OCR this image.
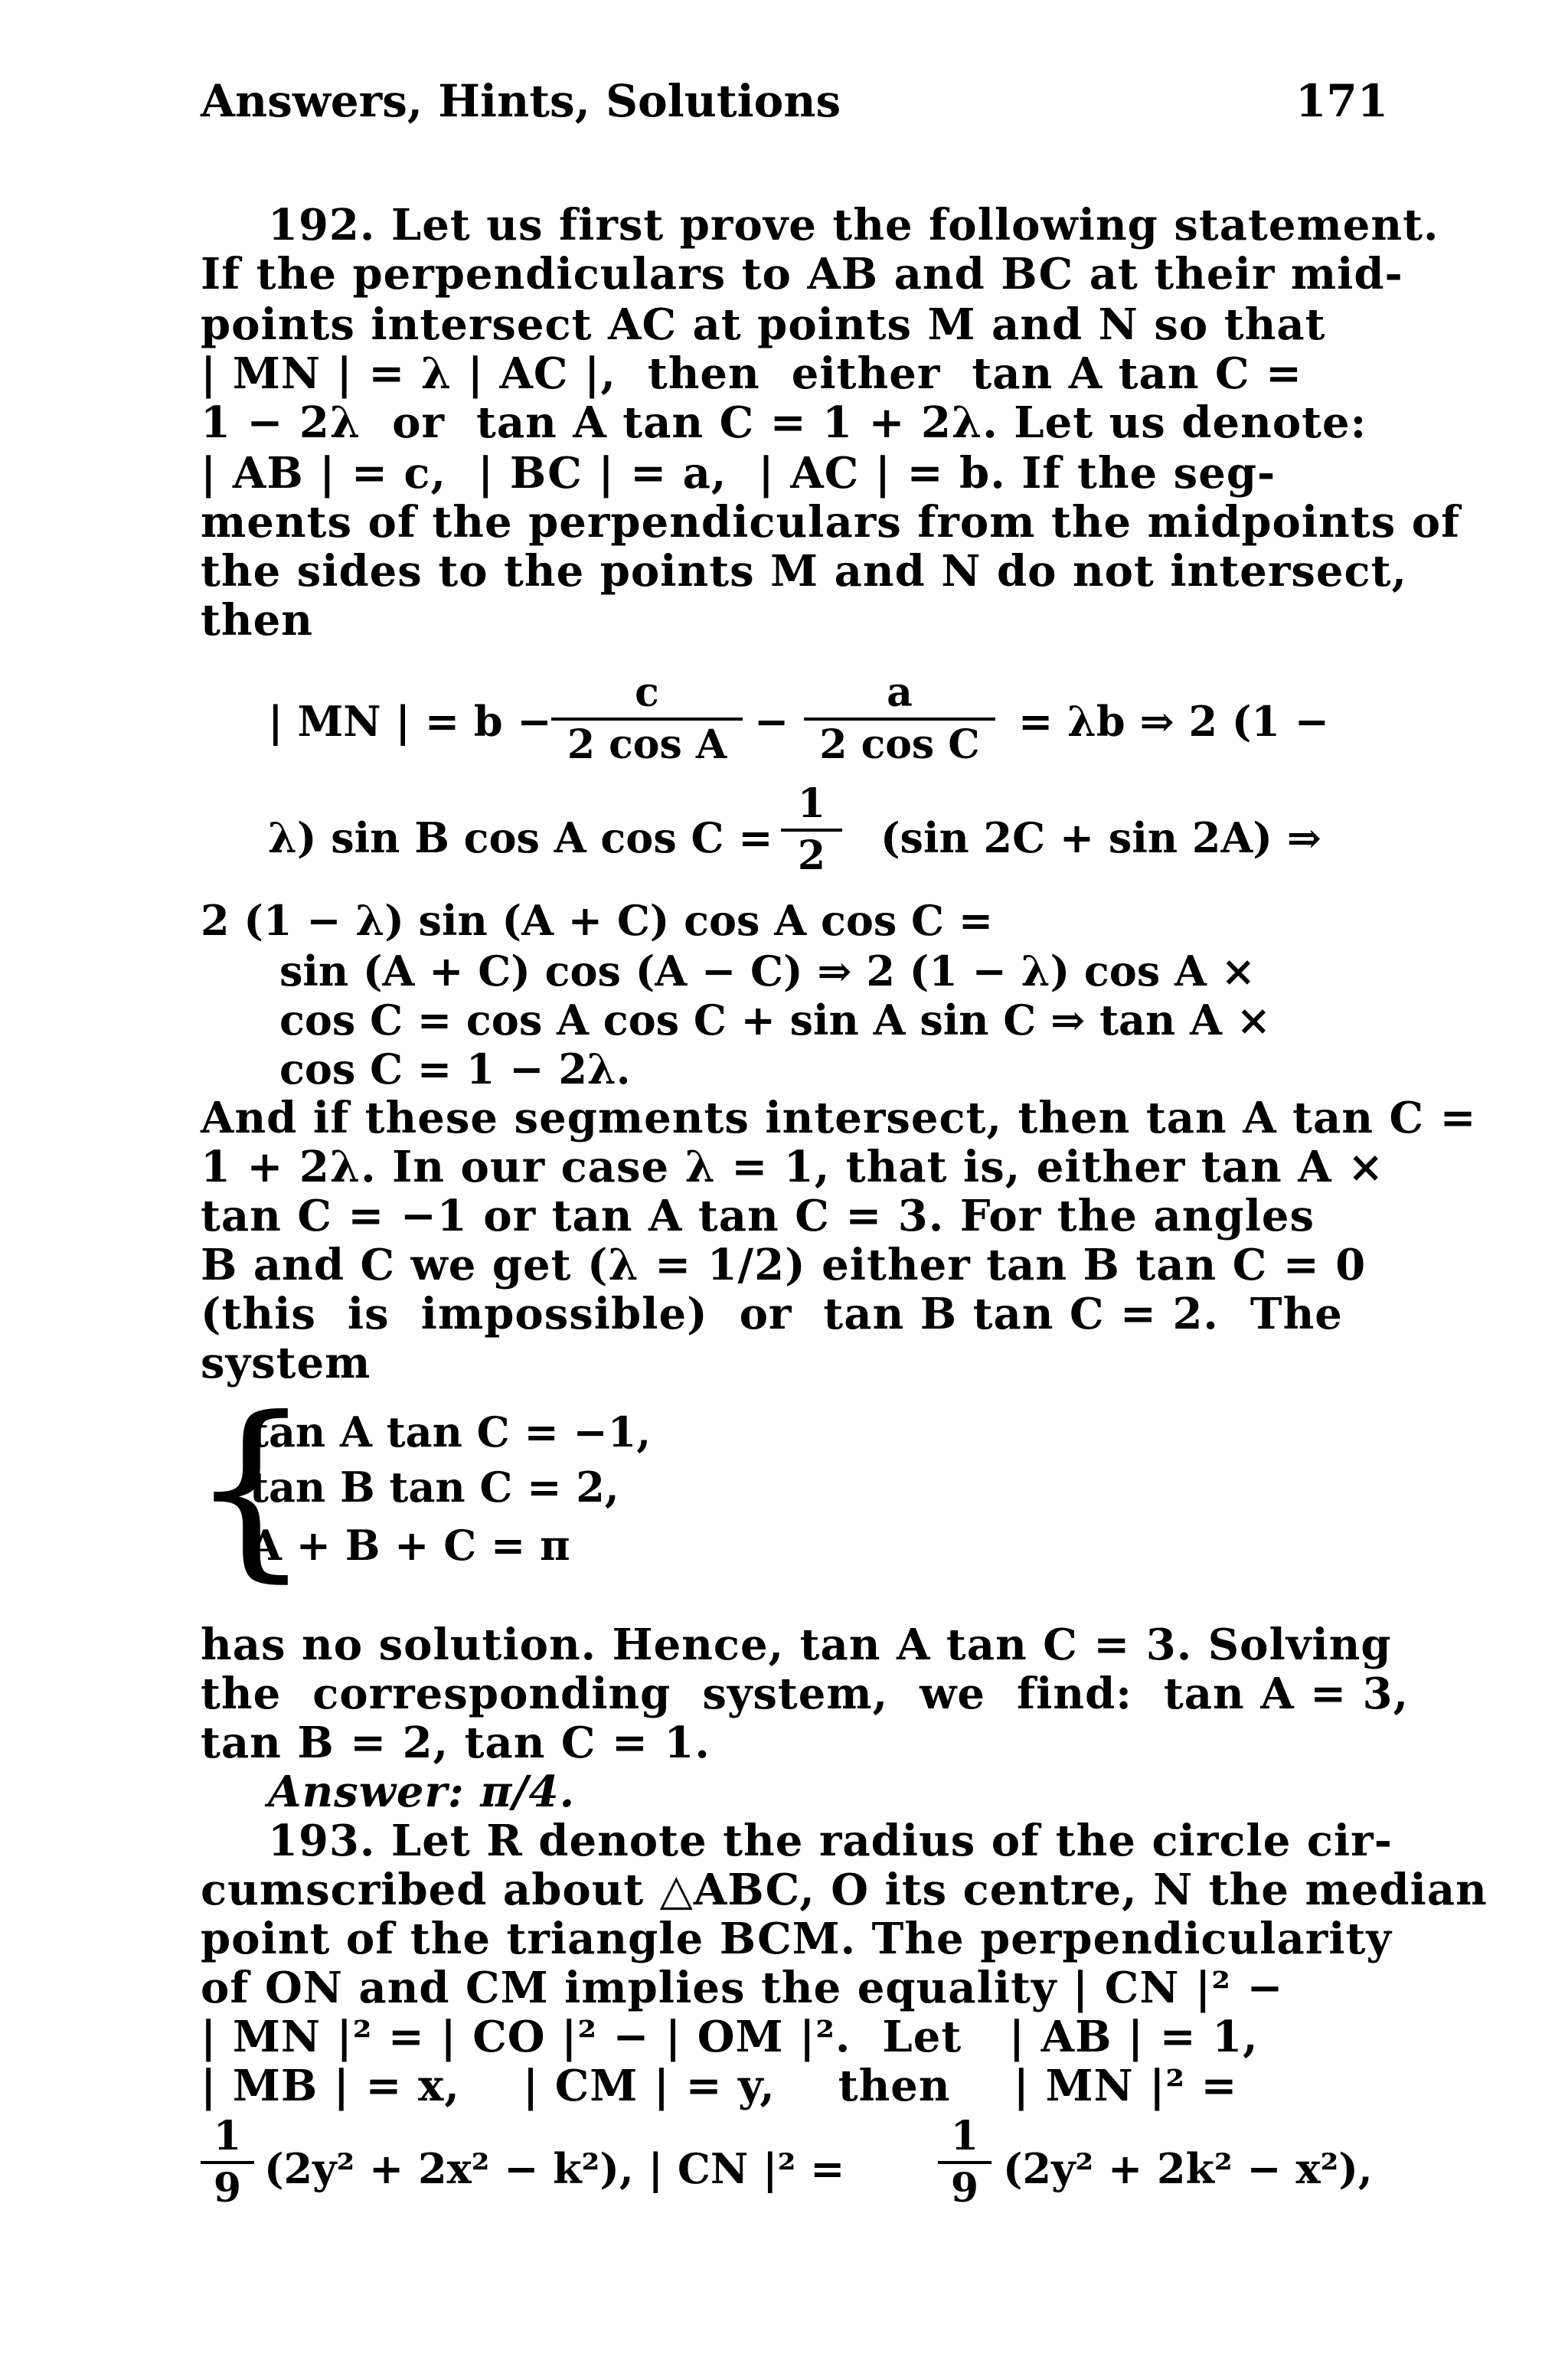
Answers, Hints, Solutions	171
192. Let us first prove the following statement.
If the perpendiculars to AB and BC at their mid-
points intersect AC at points M and N so that
| MN | = λ | AC |,  then  either  tan A tan C =
1 − 2λ  or  tan A tan C = 1 + 2λ. Let us denote:
| AB | = c,  | BC | = a,  | AC | = b. If the seg-
ments of the perpendiculars from the midpoints of
the sides to the points M and N do not intersect,
then
| MN | = b −
c
2 cos A −
a
2 cos C = λb ⇒ 2 (1 −
λ) sin B cos A cos C =
1
2	(sin 2C + sin 2A) ⇒
2 (1 − λ) sin (A + C) cos A cos C =
sin (A + C) cos (A − C) ⇒ 2 (1 − λ) cos A ×
cos C = cos A cos C + sin A sin C ⇒ tan A ×
cos C = 1 − 2λ.
And if these segments intersect, then tan A tan C =
1 + 2λ. In our case λ = 1, that is, either tan A ×
tan C = −1 or tan A tan C = 3. For the angles
B and C we get (λ = 1/2) either tan B tan C = 0
(this  is  impossible)  or  tan B tan C = 2.  The
system
{
tan A tan C = −1,
tan B tan C = 2,
A + B + C = π
has no solution. Hence, tan A tan C = 3. Solving
the  corresponding  system,  we  find:  tan A = 3,
tan B = 2, tan C = 1.
Answer: π/4.
193. Let R denote the radius of the circle cir-
cumscribed about △ABC, O its centre, N the median
point of the triangle BCM. The perpendicularity
of ON and CM implies the equality | CN |² −
| MN |² = | CO |² − | OM |².  Let   | AB | = 1,
| MB | = x,    | CM | = y,    then    | MN |² =
1
9 (2y² + 2x² − k²), | CN |² =
1
9 (2y² + 2k² − x²),
